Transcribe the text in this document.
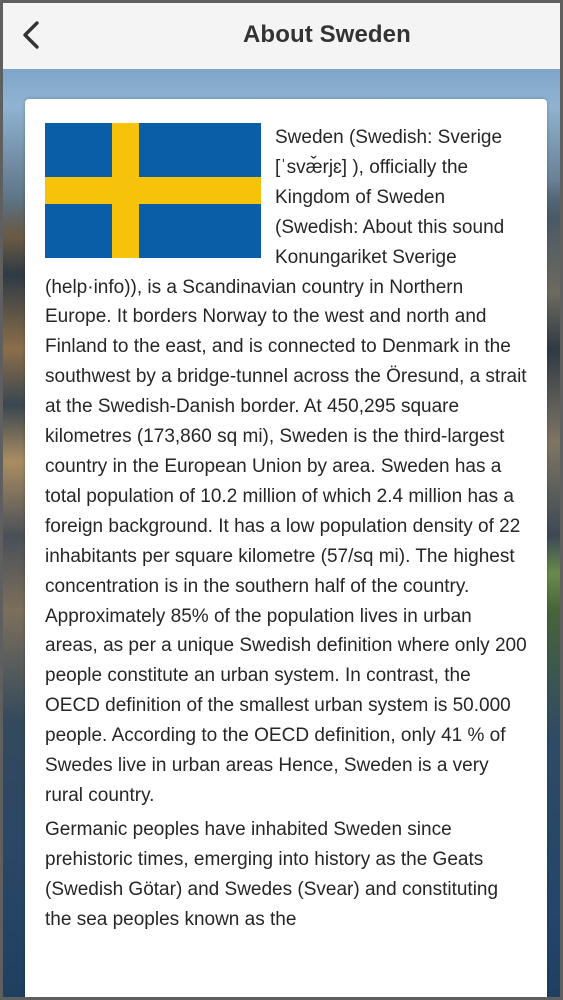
About Sweden

Sweden (Swedish: Sverige [ˈsvæ̌rjɛ] ), officially the Kingdom of Sweden (Swedish: About this sound Konungariket Sverige (help·info)), is a Scandinavian country in Northern Europe. It borders Norway to the west and north and Finland to the east, and is connected to Denmark in the southwest by a bridge-tunnel across the Öresund, a strait at the Swedish-Danish border. At 450,295 square kilometres (173,860 sq mi), Sweden is the third-largest country in the European Union by area. Sweden has a total population of 10.2 million of which 2.4 million has a foreign background. It has a low population density of 22 inhabitants per square kilometre (57/sq mi). The highest concentration is in the southern half of the country. Approximately 85% of the population lives in urban areas, as per a unique Swedish definition where only 200 people constitute an urban system. In contrast, the OECD definition of the smallest urban system is 50.000 people. According to the OECD definition, only 41 % of Swedes live in urban areas Hence, Sweden is a very rural country.

Germanic peoples have inhabited Sweden since prehistoric times, emerging into history as the Geats (Swedish Götar) and Swedes (Svear) and constituting the sea peoples known as the
